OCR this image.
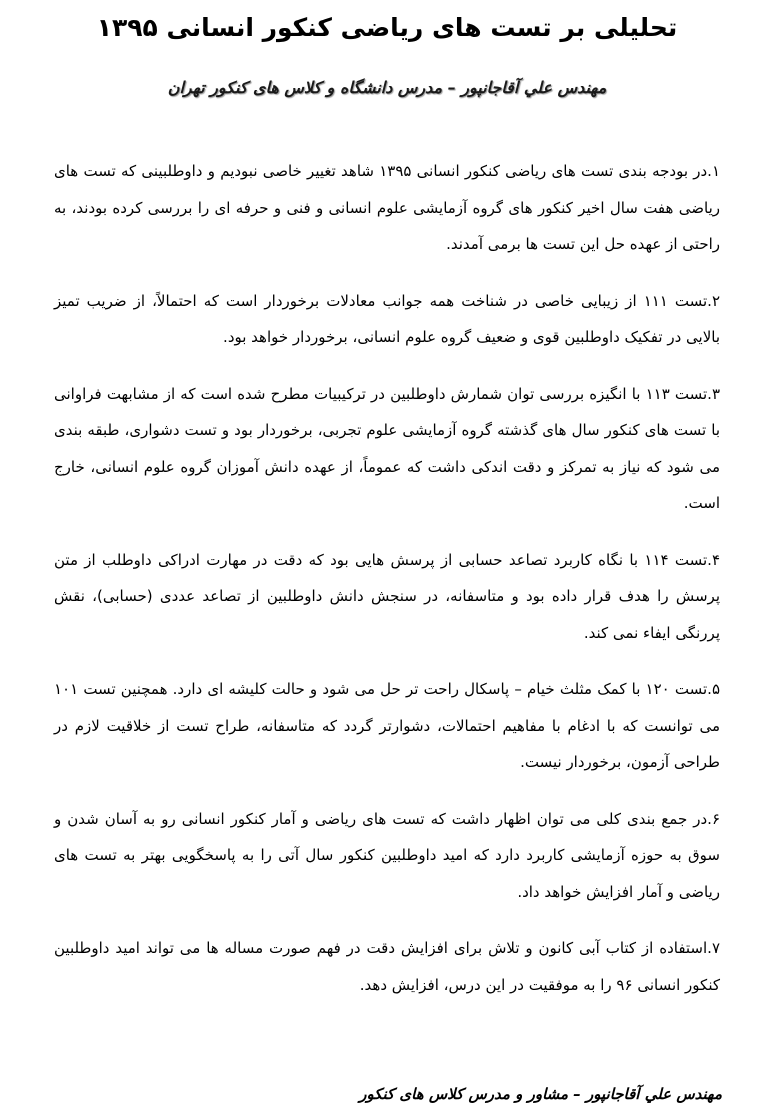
تحلیلی بر تست های ریاضی کنکور انسانی ۱۳۹۵
مهندس علي آقاجانپور – مدرس دانشگاه و کلاس های کنکور تهران

۱.در بودجه بندی تست های ریاضی کنکور انسانی ۱۳۹۵ شاهد تغییر خاصی نبودیم و داوطلبینی که تست های ریاضی هفت سال اخیر کنکور های گروه آزمایشی علوم انسانی و فنی و حرفه ای را بررسی کرده بودند، به راحتی از عهده حل این تست ها برمی آمدند.

۲.تست ۱۱۱ از زیبایی خاصی در شناخت همه جوانب معادلات برخوردار است که احتمالاً، از ضریب تمیز بالایی در تفکیک داوطلبین قوی و ضعیف گروه علوم انسانی، برخوردار خواهد بود.

۳.تست ۱۱۳ با انگیزه بررسی توان شمارش داوطلبین در ترکیبیات مطرح شده است که از مشابهت فراوانی با تست های کنکور سال های گذشته گروه آزمایشی علوم تجربی، برخوردار بود و تست دشواری، طبقه بندی می شود که نیاز به تمرکز و دقت اندکی داشت که عموماً، از عهده دانش آموزان گروه علوم انسانی، خارج است.

۴.تست ۱۱۴ با نگاه کاربرد تصاعد حسابی از پرسش هایی بود که دقت در مهارت ادراکی داوطلب از متن پرسش را هدف قرار داده بود و متاسفانه، در سنجش دانش داوطلبین از تصاعد عددی (حسابی)، نقش پررنگی ایفاء نمی کند.

۵.تست ۱۲۰ با کمک مثلث خیام – پاسکال راحت تر حل می شود و حالت کلیشه ای دارد. همچنین تست ۱۰۱ می توانست که با ادغام با مفاهیم احتمالات، دشوارتر گردد که متاسفانه، طراح تست از خلاقیت لازم در طراحی آزمون، برخوردار نیست.

۶.در جمع بندی کلی می توان اظهار داشت که تست های ریاضی و آمار کنکور انسانی رو به آسان شدن و سوق به حوزه آزمایشی کاربرد دارد که امید داوطلبین کنکور سال آتی را به پاسخگویی بهتر به تست های ریاضی و آمار افزایش خواهد داد.

۷.استفاده از کتاب آبی کانون و تلاش برای افزایش دقت در فهم صورت مساله ها می تواند امید داوطلبین کنکور انسانی ۹۶ را به موفقیت در این درس، افزایش دهد.

مهندس علي آقاجانپور – مشاور و مدرس کلاس های کنکور
